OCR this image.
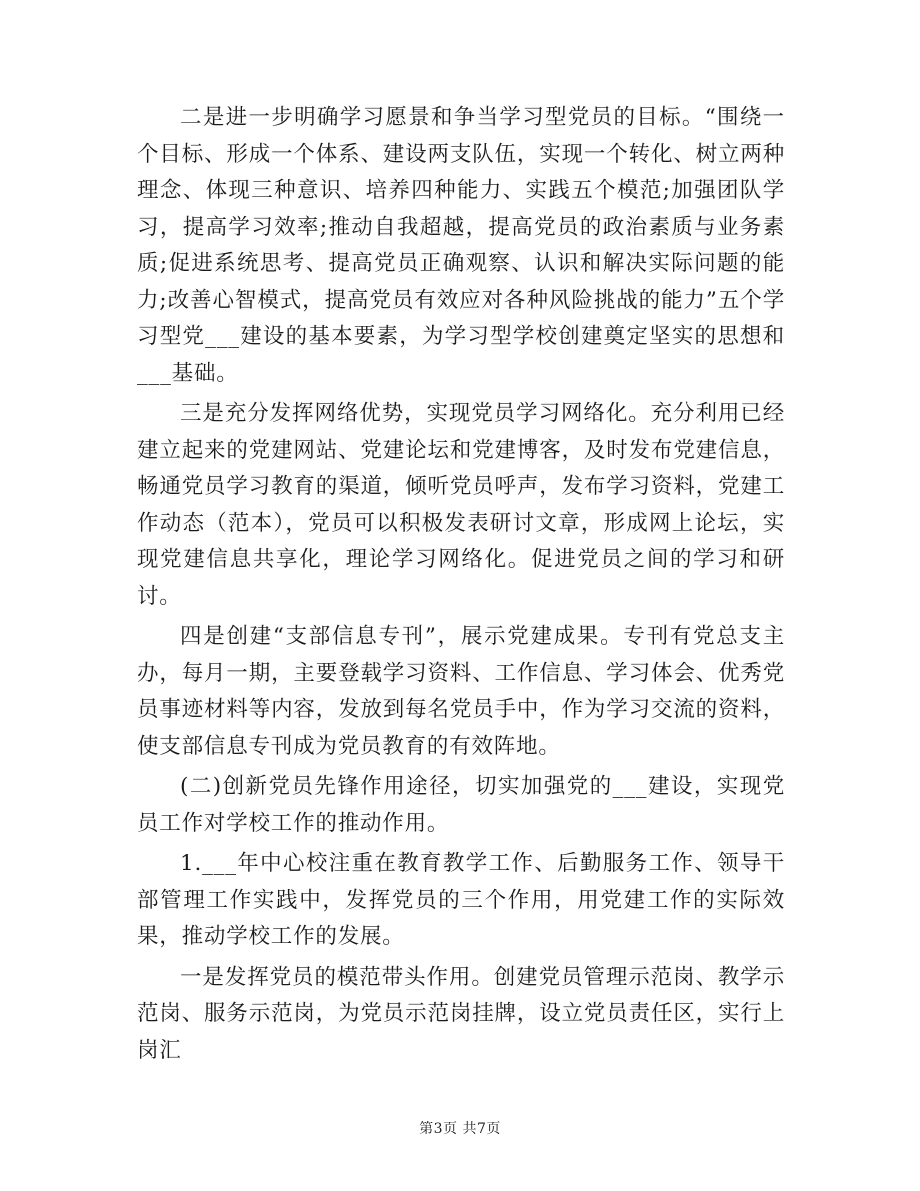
二是进一步明确学习愿景和争当学习型党员的目标。“围绕一个目标、形成一个体系、建设两支队伍，实现一个转化、树立两种理念、体现三种意识、培养四种能力、实践五个模范;加强团队学习，提高学习效率;推动自我超越，提高党员的政治素质与业务素质;促进系统思考、提高党员正确观察、认识和解决实际问题的能力;改善心智模式，提高党员有效应对各种风险挑战的能力”五个学习型党___建设的基本要素，为学习型学校创建奠定坚实的思想和___基础。

三是充分发挥网络优势，实现党员学习网络化。充分利用已经建立起来的党建网站、党建论坛和党建博客，及时发布党建信息，畅通党员学习教育的渠道，倾听党员呼声，发布学习资料，党建工作动态（范本），党员可以积极发表研讨文章，形成网上论坛，实现党建信息共享化，理论学习网络化。促进党员之间的学习和研讨。

四是创建“支部信息专刊”，展示党建成果。专刊有党总支主办，每月一期，主要登载学习资料、工作信息、学习体会、优秀党员事迹材料等内容，发放到每名党员手中，作为学习交流的资料，使支部信息专刊成为党员教育的有效阵地。

(二)创新党员先锋作用途径，切实加强党的___建设，实现党员工作对学校工作的推动作用。

1.___年中心校注重在教育教学工作、后勤服务工作、领导干部管理工作实践中，发挥党员的三个作用，用党建工作的实际效果，推动学校工作的发展。

一是发挥党员的模范带头作用。创建党员管理示范岗、教学示范岗、服务示范岗，为党员示范岗挂牌，设立党员责任区，实行上岗汇

第3页 共7页
